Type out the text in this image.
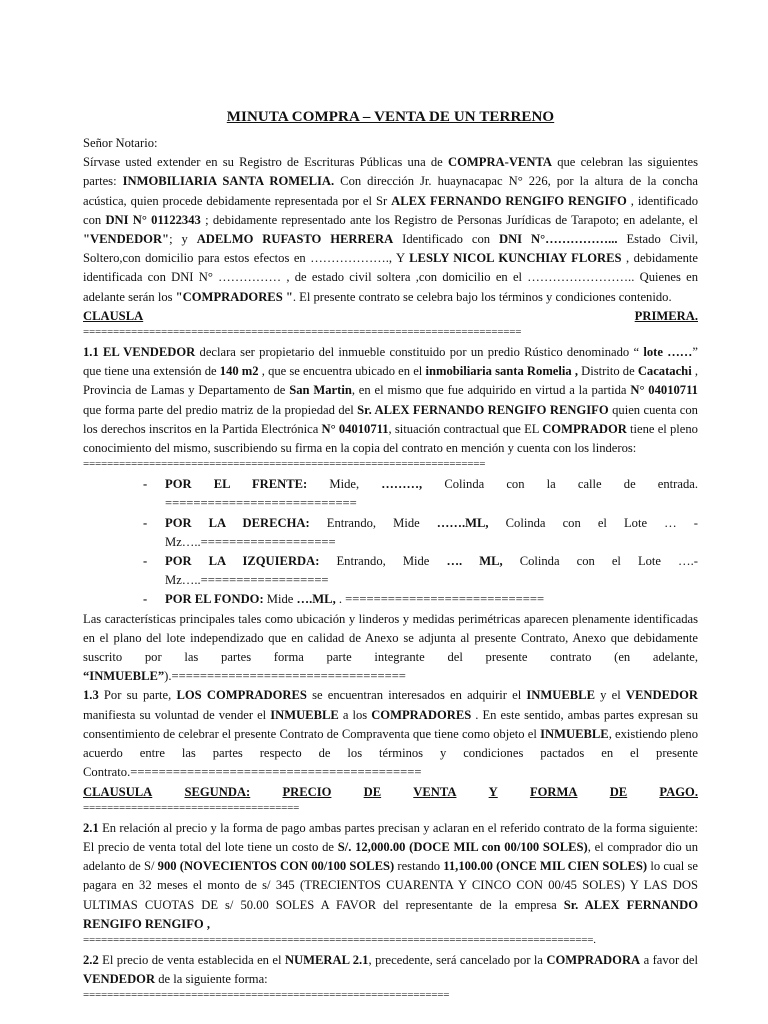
MINUTA COMPRA – VENTA DE UN TERRENO

Señor Notario:

Sírvase usted extender en su Registro de Escrituras Públicas una de COMPRA-VENTA que celebran las siguientes partes: INMOBILIARIA SANTA ROMELIA. Con dirección Jr. huaynacapac N° 226, por la altura de la concha acústica, quien procede debidamente representada por el Sr ALEX FERNANDO RENGIFO RENGIFO , identificado con DNI N° 01122343 ; debidamente representado ante los Registro de Personas Jurídicas de Tarapoto; en adelante, el "VENDEDOR"; y ADELMO RUFASTO HERRERA Identificado con DNI N°……………... Estado Civil, Soltero,con domicilio para estos efectos en ………………., Y LESLY NICOL KUNCHIAY FLORES , debidamente identificada con DNI N° …………… , de estado civil soltera ,con domicilio en el …………………….. Quienes en adelante serán los "COMPRADORES ". El presente contrato se celebra bajo los términos y condiciones contenido.

CLAUSLA	PRIMERA.
=========================================================================

1.1 EL VENDEDOR declara ser propietario del inmueble constituido por un predio Rústico denominado “ lote ……” que tiene una extensión de 140 m2 , que se encuentra ubicado en el inmobiliaria santa Romelia , Distrito de Cacatachi , Provincia de Lamas y Departamento de San Martin, en el mismo que fue adquirido en virtud a la partida N° 04010711 que forma parte del predio matriz de la propiedad del Sr. ALEX FERNANDO RENGIFO RENGIFO quien cuenta con los derechos inscritos en la Partida Electrónica N° 04010711, situación contractual que EL COMPRADOR tiene el pleno conocimiento del mismo, suscribiendo su firma en la copia del contrato en mención y cuenta con los linderos:

===================================================================
-	POR EL FRENTE: Mide, ………, Colinda con la calle de entrada. ===========================
-	POR LA DERECHA: Entrando, Mide …….ML, Colinda con el Lote … - Mz…..===================
-	POR LA IZQUIERDA: Entrando, Mide …. ML, Colinda con el Lote ….-Mz…..==================
-	POR EL FONDO: Mide ….ML, . ============================

Las características principales tales como ubicación y linderos y medidas perimétricas aparecen plenamente identificadas en el plano del lote independizado que en calidad de Anexo se adjunta al presente Contrato, Anexo que debidamente suscrito por las partes forma parte integrante del presente contrato (en adelante, “INMUEBLE”).=================================

1.3 Por su parte, LOS COMPRADORES se encuentran interesados en adquirir el INMUEBLE y el VENDEDOR manifiesta su voluntad de vender el INMUEBLE a los COMPRADORES . En este sentido, ambas partes expresan su consentimiento de celebrar el presente Contrato de Compraventa que tiene como objeto el INMUEBLE, existiendo pleno acuerdo entre las partes respecto de los términos y condiciones pactados en el presente Contrato.=========================================

CLAUSULA	SEGUNDA:	PRECIO	DE	VENTA	Y	FORMA	DE	PAGO.
====================================

2.1 En relación al precio y la forma de pago ambas partes precisan y aclaran en el referido contrato de la forma siguiente: El precio de venta total del lote tiene un costo de S/. 12,000.00 (DOCE MIL con 00/100 SOLES), el comprador dio un adelanto de S/ 900 (NOVECIENTOS CON 00/100 SOLES) restando 11,100.00 (ONCE MIL CIEN SOLES) lo cual se pagara en 32 meses el monto de s/ 345 (TRECIENTOS CUARENTA Y CINCO CON 00/45 SOLES) Y LAS DOS ULTIMAS CUOTAS DE s/ 50.00 SOLES A FAVOR del representante de la empresa Sr. ALEX FERNANDO RENGIFO RENGIFO ,

=====================================================================================.

2.2 El precio de venta establecida en el NUMERAL 2.1, precedente, será cancelado por la COMPRADORA a favor del VENDEDOR de la siguiente forma:

=============================================================
